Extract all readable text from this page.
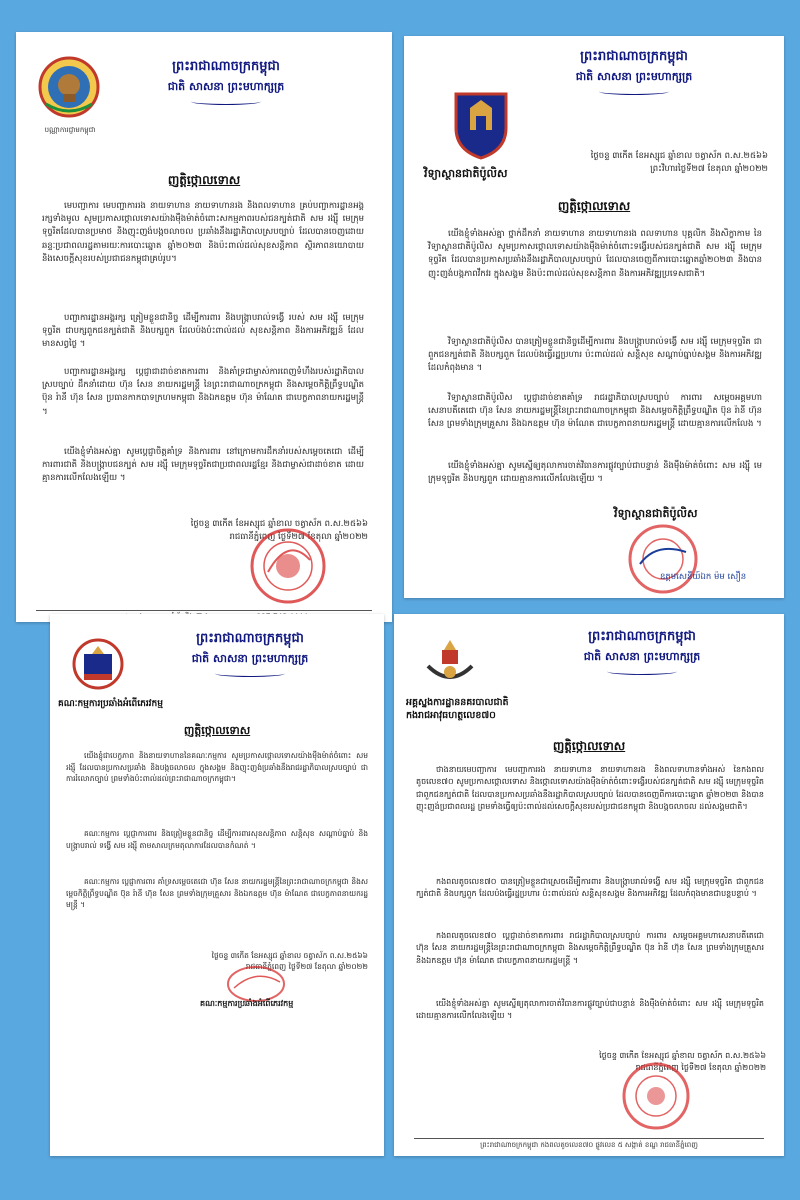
បណ្ណាការជ្ញាមកម្ពុជា
ព្រះរាជាណាចក្រកម្ពុជា
ជាតិ សាសនា ព្រះមហាក្សត្រ
ញត្តិថ្កោលទោស
មេបញ្ជាការ មេបញ្ជាការរង នាយទាហាន នាយទាហានរង និងពលទាហាន គ្រប់បញ្ជាការដ្ឋានអង្គរក្សទាំងមូល សូមប្រកាសថ្កោលទោសយ៉ាងម៉ឺងម៉ាត់ចំពោះសកម្មភាពរបស់ជនក្បត់ជាតិ សម រង្ស៊ី មេក្រុមទុច្ចរិតដែលបានប្រមាថ និងញុះញង់បង្កចលាចល ប្រឆាំងនឹងរដ្ឋាភិបាលស្របច្បាប់ ដែលបានចេញដោយឆន្ទៈប្រជាពលរដ្ឋតាមរយៈការបោះឆ្នោត ឆ្នាំ២០២៣ និងប៉ះពាល់ដល់សុខសន្តិភាព ស្ថិរភាពនយោបាយ និងសេចក្តីសុខរបស់ប្រជាជនកម្ពុជាគ្រប់រូប។
បញ្ជាការដ្ឋានអង្គរក្ស ត្រៀមខ្លួនជានិច្ច ដើម្បីការពារ និងបង្ក្រាបរាល់ទង្វើ របស់ សម រង្ស៊ី មេក្រុមទុច្ចរិត ជាបក្សពួកជនក្បត់ជាតិ និងបក្សពួក ដែលប៉ងប៉ះពាល់ដល់ សុខសន្តិភាព និងការអភិវឌ្ឍន៍ ដែលមានសព្វថ្ងៃ ។
បញ្ជាការដ្ឋានអង្គរក្ស ប្តេជ្ញាជាដាច់ខាតការពារ និងគាំទ្រជាម្ចាស់ការពេញទំហឹងរបស់រដ្ឋាភិបាលស្របច្បាប់ ដឹកនាំដោយ ហ៊ុន សែន នាយករដ្ឋមន្ត្រី នៃព្រះរាជាណាចក្រកម្ពុជា និងសម្តេចកិត្តិព្រឹទ្ធបណ្ឌិត ប៊ុន រ៉ានី ហ៊ុន សែន ប្រធានកាកបាទក្រហមកម្ពុជា និងឯកឧត្តម ហ៊ុន ម៉ាណែត ជាបេក្ខភាពនាយករដ្ឋមន្ត្រី ។
យើងខ្ញុំទាំងអស់គ្នា សូមប្តេជ្ញាចិត្តគាំទ្រ និងការពារ នៅក្រោមការដឹកនាំរបស់សម្តេចតេជោ ដើម្បីការពារជាតិ និងបង្ក្រាបជនក្បត់ សម រង្ស៊ី មេក្រុមទុច្ចរិតជាប្រជាពលរដ្ឋខ្មែរ និងជាម្ចាស់ជាដាច់ខាត ដោយគ្មានការលើកលែងឡើយ ។
ថ្ងៃចន្ទ ៣កើត ខែអស្សុជ ឆ្នាំខាល ចត្វាស័ក ព.ស.២៥៦៦
រាជធានីភ្នំពេញ ថ្ងៃទី២៧ ខែតុលា ឆ្នាំ២០២២
ព្រះរាជាណាចក្រកម្ពុជា
ជាតិ សាសនា ព្រះមហាក្សត្រ
វិទ្យាស្ថានជាតិប៉ូលិស
ថ្ងៃចន្ទ ៣កើត ខែអស្សុជ ឆ្នាំខាល ចត្វាស័ក ព.ស.២៥៦៦
ព្រះវិហារថ្ងៃទី២៧ ខែតុលា ឆ្នាំ២០២២
ញត្តិថ្កោលទោស
យើងខ្ញុំទាំងអស់គ្នា ថ្នាក់ដឹកនាំ នាយទាហាន នាយទាហានរង ពលទាហាន បុគ្គលិក និងសិក្ខាកាម នៃវិទ្យាស្ថានជាតិប៉ូលិស សូមប្រកាសថ្កោលទោសយ៉ាងម៉ឺងម៉ាត់ចំពោះទង្វើរបស់ជនក្បត់ជាតិ សម រង្ស៊ី មេក្រុមទុច្ចរិត ដែលបានប្រកាសប្រឆាំងនឹងរដ្ឋាភិបាលស្របច្បាប់ ដែលបានចេញពីការបោះឆ្នោតឆ្នាំ២០២៣ និងបានញុះញង់បង្កភាពវឹកវរ ក្នុងសង្គម និងប៉ះពាល់ដល់សុខសន្តិភាព និងការអភិវឌ្ឍប្រទេសជាតិ។
វិទ្យាស្ថានជាតិប៉ូលិស បានត្រៀមខ្លួនជានិច្ចដើម្បីការពារ និងបង្ក្រាបរាល់ទង្វើ សម រង្ស៊ី មេក្រុមទុច្ចរិត ជាពួកជនក្បត់ជាតិ និងបក្សពួក ដែលប៉ងធ្វើរដ្ឋប្រហារ ប៉ះពាល់ដល់ សន្តិសុខ សណ្តាប់ធ្នាប់សង្គម និងការអភិវឌ្ឍ ដែលកំពុងមាន ។
វិទ្យាស្ថានជាតិប៉ូលិស ប្តេជ្ញាដាច់ខាតគាំទ្រ រាជរដ្ឋាភិបាលស្របច្បាប់ ការពារ សម្តេចអគ្គមហាសេនាបតីតេជោ ហ៊ុន សែន នាយករដ្ឋមន្ត្រីនៃព្រះរាជាណាចក្រកម្ពុជា និងសម្តេចកិត្តិព្រឹទ្ធបណ្ឌិត ប៊ុន រ៉ានី ហ៊ុន សែន ព្រមទាំងក្រុមគ្រួសារ និងឯកឧត្តម ហ៊ុន ម៉ាណែត ជាបេក្ខភាពនាយករដ្ឋមន្ត្រី ដោយគ្មានការលើកលែង ។
យើងខ្ញុំទាំងអស់គ្នា សូមស្នើឲ្យតុលាការចាត់វិធានការផ្លូវច្បាប់ជាបន្ទាន់ និងមុឺងម៉ាត់ចំពោះ សម រង្ស៊ី មេក្រុមទុច្ចរិត និងបក្សពួក ដោយគ្មានការលើកលែងឡើយ ។
វិទ្យាស្ថានជាតិប៉ូលិស
ឧត្តមសេនីយ៍ឯក ម៉ម សឿន
ព្រះរាជាណាចក្រកម្ពុជា
ជាតិ សាសនា ព្រះមហាក្សត្រ
គណៈកម្មការប្រឆាំងអំពើភេរវកម្ម
ញត្តិថ្កោលទោស
យើងខ្ញុំជាបេក្ខភាព និងនាយទាហាននៃគណៈកម្មការ សូមប្រកាសថ្កោលទោសយ៉ាងម៉ឺងម៉ាត់ចំពោះ សម រង្ស៊ី ដែលបានប្រកាសប្រឆាំង និងបង្កចលាចល ក្នុងសង្គម និងញុះញង់ប្រឆាំងនឹងរាជរដ្ឋាភិបាលស្របច្បាប់ ជាការរំលោភច្បាប់ ព្រមទាំងប៉ះពាល់ដល់ព្រះរាជាណាចក្រកម្ពុជា។
គណៈកម្មការ ប្តេជ្ញាការពារ និងត្រៀមខ្លួនជានិច្ច ដើម្បីការពារសុខសន្តិភាព សន្តិសុខ សណ្តាប់ធ្នាប់ និងបង្ក្រាបរាល់ ទង្វើ សម រង្ស៊ី តាមសាលក្រមតុលាការដែលបានកំណត់ ។
គណៈកម្មការ ប្តេជ្ញាការពារ គាំទ្រសម្តេចតេជោ ហ៊ុន សែន នាយករដ្ឋមន្ត្រីនៃព្រះរាជាណាចក្រកម្ពុជា និងសម្តេចកិត្តិព្រឹទ្ធបណ្ឌិត ប៊ុន រ៉ានី ហ៊ុន សែន ព្រមទាំងក្រុមគ្រួសារ និងឯកឧត្តម ហ៊ុន ម៉ាណែត ជាបេក្ខភាពនាយករដ្ឋមន្ត្រី ។
ថ្ងៃចន្ទ ៣កើត ខែអស្សុជ ឆ្នាំខាល ចត្វាស័ក ព.ស.២៥៦៦
រាជធានីភ្នំពេញ ថ្ងៃទី២៧ ខែតុលា ឆ្នាំ២០២២
គណៈកម្មការប្រឆាំងអំពើភេរវកម្ម
ព្រះរាជាណាចក្រកម្ពុជា
ជាតិ សាសនា ព្រះមហាក្សត្រ
អគ្គស្នងការដ្ឋាននគរបាលជាតិ
កងរាជអាវុធហត្ថលេខ៧០
ញត្តិថ្កោលទោស
ថាងនាយមេបញ្ជាការ មេបញ្ជាការរង នាយទាហាន នាយទាហានរង និងពលទាហានទាំងអស់ នៃកងពលតូចលេខ៧០ សូមប្រកាសថ្កោលទោស និងថ្កោលទោសយ៉ាងម៉ឺងម៉ាត់ចំពោះទង្វើរបស់ជនក្បត់ជាតិ សម រង្ស៊ី មេក្រុមទុច្ចរិត ជាពួកជនក្បត់ជាតិ ដែលបានប្រកាសប្រឆាំងនឹងរដ្ឋាភិបាលស្របច្បាប់ ដែលបានចេញពីការបោះឆ្នោត ឆ្នាំ២០២៣ និងបានញុះញង់ប្រជាពលរដ្ឋ ព្រមទាំងធ្វើឲ្យប៉ះពាល់ដល់សេចក្តីសុខរបស់ប្រជាជនកម្ពុជា និងបង្កចលាចល ដល់សង្គមជាតិ។
កងពលតូចលេខ៧០ បានត្រៀមខ្លួនជាស្រេចដើម្បីការពារ និងបង្ក្រាបរាល់ទង្វើ សម រង្ស៊ី មេក្រុមទុច្ចរិត ជាពួកជនក្បត់ជាតិ និងបក្សពួក ដែលប៉ងធ្វើរដ្ឋប្រហារ ប៉ះពាល់ដល់ សន្តិសុខសង្គម និងការអភិវឌ្ឍ ដែលកំពុងមានជាបន្តបន្ទាប់ ។
កងពលតូចលេខ៧០ ប្តេជ្ញាដាច់ខាតការពារ រាជរដ្ឋាភិបាលស្របច្បាប់ ការពារ សម្តេចអគ្គមហាសេនាបតីតេជោ ហ៊ុន សែន នាយករដ្ឋមន្ត្រីនៃព្រះរាជាណាចក្រកម្ពុជា និងសម្តេចកិត្តិព្រឹទ្ធបណ្ឌិត ប៊ុន រ៉ានី ហ៊ុន សែន ព្រមទាំងក្រុមគ្រួសារ និងឯកឧត្តម ហ៊ុន ម៉ាណែត ជាបេក្ខភាពនាយករដ្ឋមន្ត្រី ។
យើងខ្ញុំទាំងអស់គ្នា សូមស្នើឲ្យតុលាការចាត់វិធានការផ្លូវច្បាប់ជាបន្ទាន់ និងមុឺងម៉ាត់ចំពោះ សម រង្ស៊ី មេក្រុមទុច្ចរិត ដោយគ្មានការលើកលែងឡើយ ។
ថ្ងៃចន្ទ ៣កើត ខែអស្សុជ ឆ្នាំខាល ចត្វាស័ក ព.ស.២៥៦៦
រាជធានីភ្នំពេញ ថ្ងៃទី២៧ ខែតុលា ឆ្នាំ២០២២
ព្រះរាជាណាចក្រកម្ពុជា កងពលតូចលេខ៧០ ផ្លូវលេខ ៥ សង្កាត់ ខណ្ឌ រាជធានីភ្នំពេញ
